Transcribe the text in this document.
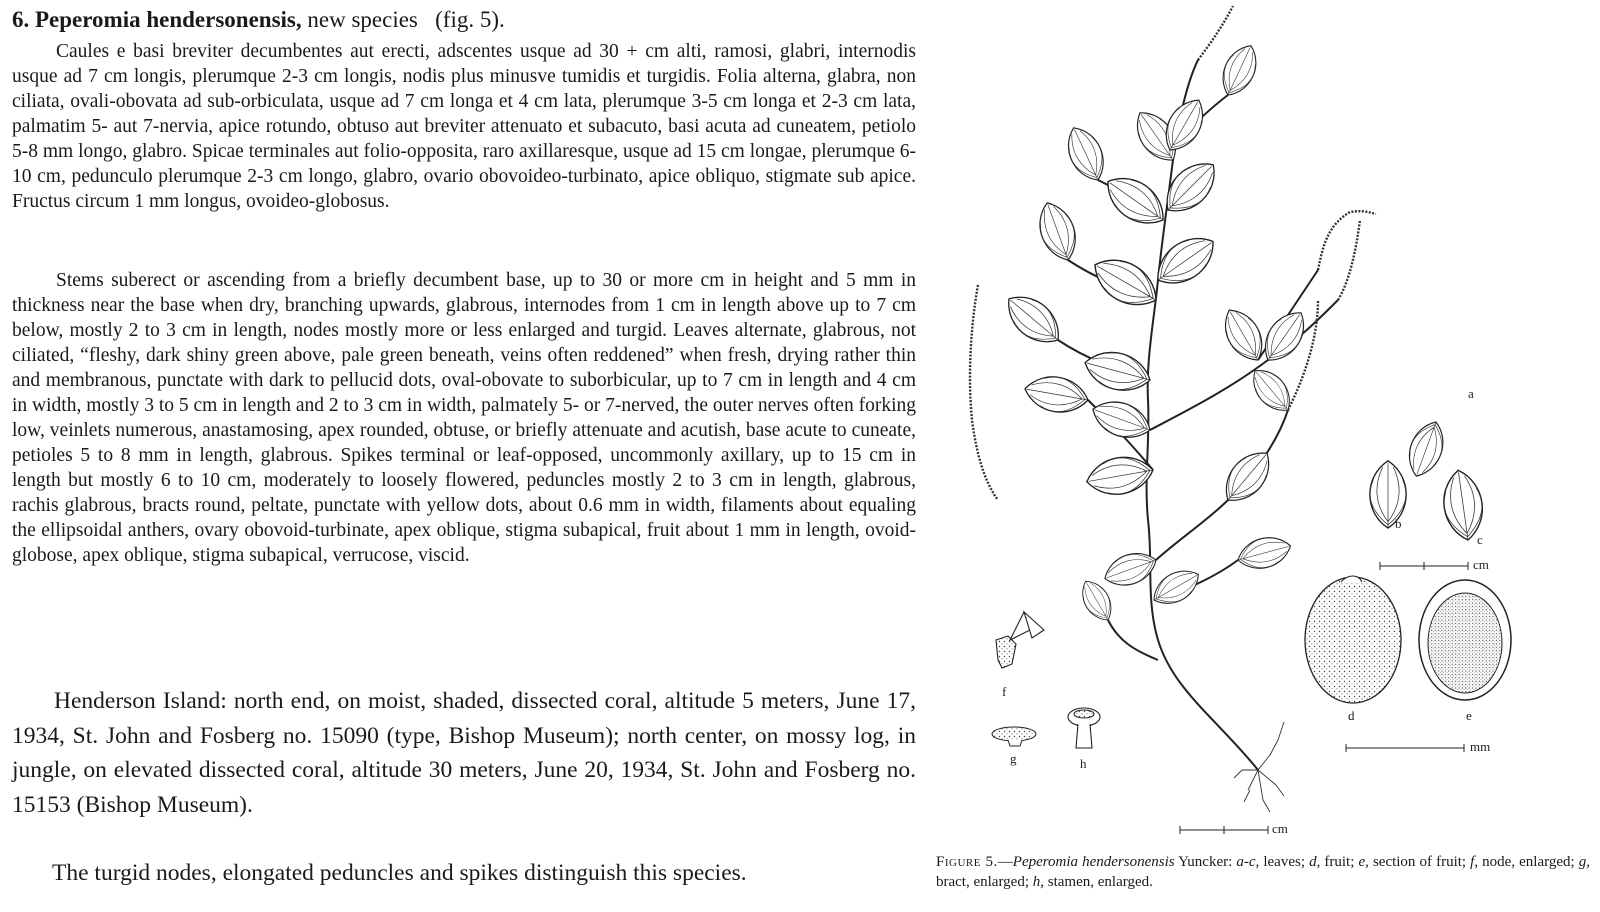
6. Peperomia hendersonensis, new species   (fig. 5).
Caules e basi breviter decumbentes aut erecti, adscentes usque ad 30 + cm alti, ramosi, glabri, internodis usque ad 7 cm longis, plerumque 2-3 cm longis, nodis plus minusve tumidis et turgidis. Folia alterna, glabra, non ciliata, ovali-obovata ad sub-orbiculata, usque ad 7 cm longa et 4 cm lata, plerumque 3-5 cm longa et 2-3 cm lata, palmatim 5- aut 7-nervia, apice rotundo, obtuso aut breviter attenuato et subacuto, basi acuta ad cuneatem, petiolo 5-8 mm longo, glabro. Spicae terminales aut folio-opposita, raro axillaresque, usque ad 15 cm longae, plerumque 6-10 cm, pedunculo plerumque 2-3 cm longo, glabro, ovario obovoideo-turbinato, apice obliquo, stigmate sub apice. Fructus circum 1 mm longus, ovoideo-globosus.
Stems suberect or ascending from a briefly decumbent base, up to 30 or more cm in height and 5 mm in thickness near the base when dry, branching upwards, glabrous, internodes from 1 cm in length above up to 7 cm below, mostly 2 to 3 cm in length, nodes mostly more or less enlarged and turgid. Leaves alternate, glabrous, not ciliated, “fleshy, dark shiny green above, pale green beneath, veins often reddened” when fresh, drying rather thin and membranous, punctate with dark to pellucid dots, oval-obovate to suborbicular, up to 7 cm in length and 4 cm in width, mostly 3 to 5 cm in length and 2 to 3 cm in width, palmately 5- or 7-nerved, the outer nerves often forking low, veinlets numerous, anastamosing, apex rounded, obtuse, or briefly attenuate and acutish, base acute to cuneate, petioles 5 to 8 mm in length, glabrous. Spikes terminal or leaf-opposed, uncommonly axillary, up to 15 cm in length but mostly 6 to 10 cm, moderately to loosely flowered, peduncles mostly 2 to 3 cm in length, glabrous, rachis glabrous, bracts round, peltate, punctate with yellow dots, about 0.6 mm in width, filaments about equaling the ellipsoidal anthers, ovary obovoid-turbinate, apex oblique, stigma subapical, fruit about 1 mm in length, ovoid-globose, apex oblique, stigma subapical, verrucose, viscid.
Henderson Island: north end, on moist, shaded, dissected coral, altitude 5 meters, June 17, 1934, St. John and Fosberg no. 15090 (type, Bishop Museum); north center, on mossy log, in jungle, on elevated dissected coral, altitude 30 meters, June 20, 1934, St. John and Fosberg no. 15153 (Bishop Museum).
The turgid nodes, elongated peduncles and spikes distinguish this species.
a
b
c
cm
d	e
mm
f
g	h
cm
Figure 5.—Peperomia hendersonensis Yuncker: a-c, leaves; d, fruit; e, section of fruit; f, node, enlarged; g, bract, enlarged; h, stamen, enlarged.
